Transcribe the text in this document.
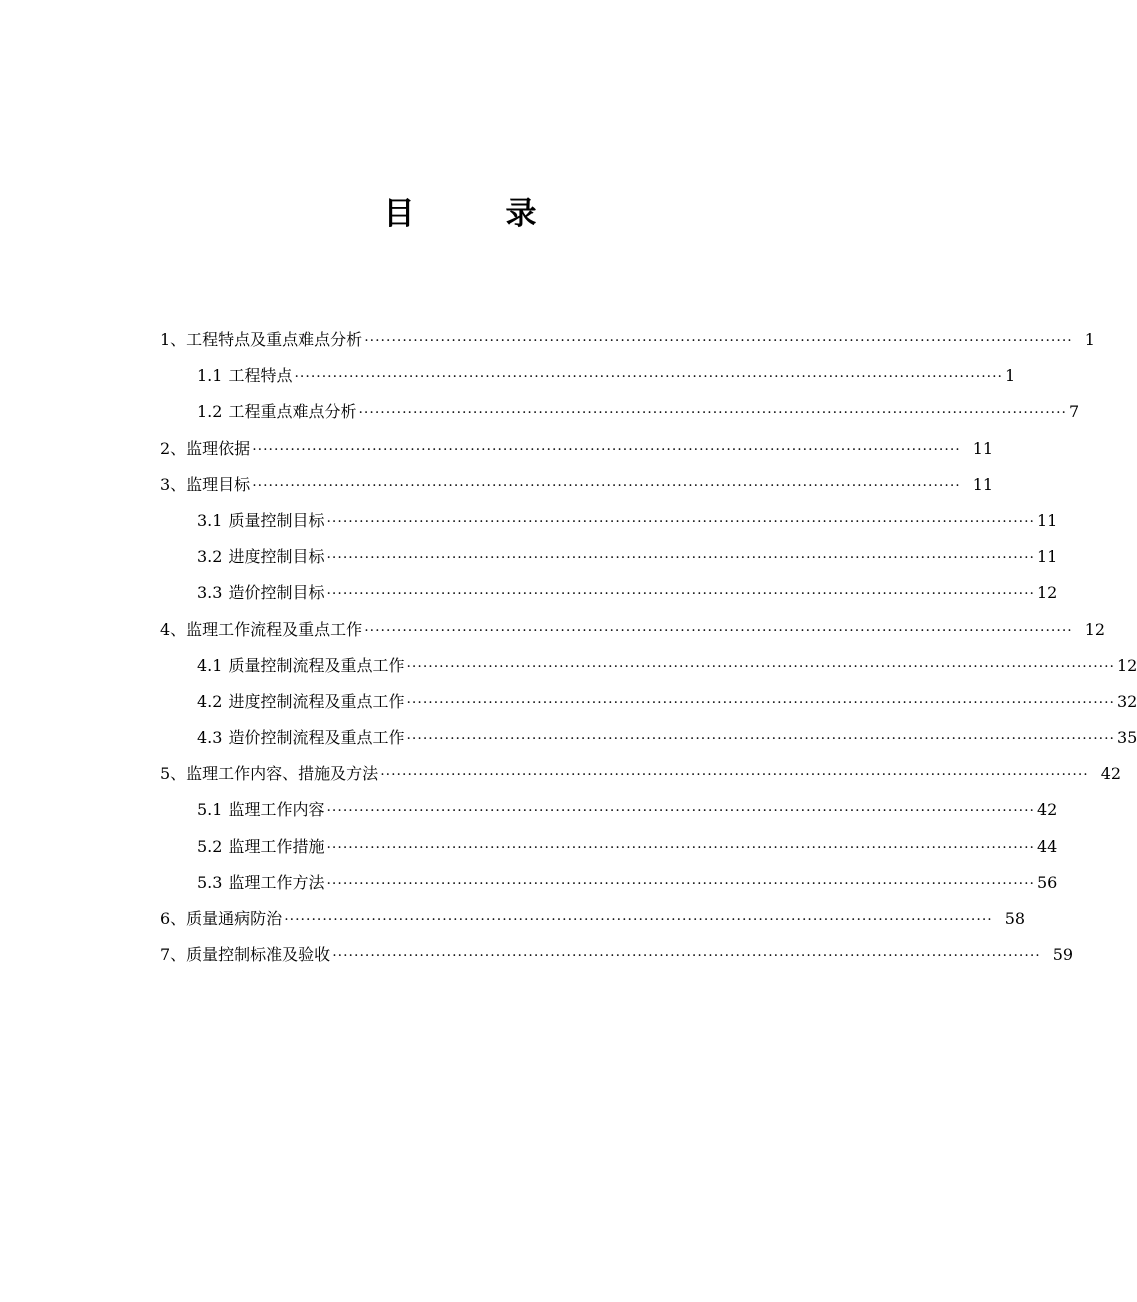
目　录
1、工程特点及重点难点分析 ·································································································································· 1
1.1 工程特点 ·································································································································· 1
1.2 工程重点难点分析 ·································································································································· 7
2、监理依据 ·································································································································· 11
3、监理目标 ·································································································································· 11
3.1 质量控制目标 ·································································································································· 11
3.2 进度控制目标 ·································································································································· 11
3.3 造价控制目标 ·································································································································· 12
4、监理工作流程及重点工作 ·································································································································· 12
4.1 质量控制流程及重点工作 ·································································································································· 12
4.2 进度控制流程及重点工作 ·································································································································· 32
4.3 造价控制流程及重点工作 ·································································································································· 35
5、监理工作内容、措施及方法 ·································································································································· 42
5.1 监理工作内容 ·································································································································· 42
5.2 监理工作措施 ·································································································································· 44
5.3 监理工作方法 ·································································································································· 56
6、质量通病防治 ·································································································································· 58
7、质量控制标准及验收 ·································································································································· 59
